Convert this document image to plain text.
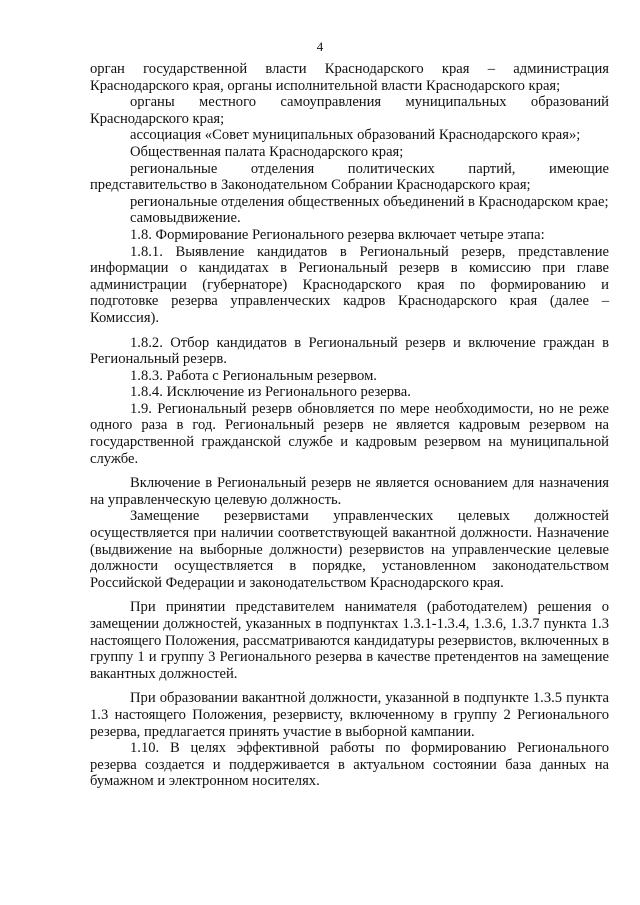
4

орган государственной власти Краснодарского края – администрация Краснодарского края, органы исполнительной власти Краснодарского края;

органы местного самоуправления муниципальных образований Краснодарского края;

ассоциация «Совет муниципальных образований Краснодарского края»;

Общественная палата Краснодарского края;

региональные отделения политических партий, имеющие представительство в Законодательном Собрании Краснодарского края;

региональные отделения общественных объединений в Краснодарском крае;

самовыдвижение.

1.8. Формирование Регионального резерва включает четыре этапа:

1.8.1. Выявление кандидатов в Региональный резерв, представление информации о кандидатах в Региональный резерв в комиссию при главе администрации (губернаторе) Краснодарского края по формированию и подготовке резерва управленческих кадров Краснодарского края (далее – Комиссия).

1.8.2. Отбор кандидатов в Региональный резерв и включение граждан в Региональный резерв.

1.8.3. Работа с Региональным резервом.

1.8.4. Исключение из Регионального резерва.

1.9. Региональный резерв обновляется по мере необходимости, но не реже одного раза в год. Региональный резерв не является кадровым резервом на государственной гражданской службе и кадровым резервом на муниципальной службе.

Включение в Региональный резерв не является основанием для назначения на управленческую целевую должность.

Замещение резервистами управленческих целевых должностей осуществляется при наличии соответствующей вакантной должности. Назначение (выдвижение на выборные должности) резервистов на управленческие целевые должности осуществляется в порядке, установленном законодательством Российской Федерации и законодательством Краснодарского края.

При принятии представителем нанимателя (работодателем) решения о замещении должностей, указанных в подпунктах 1.3.1-1.3.4, 1.3.6, 1.3.7 пункта 1.3 настоящего Положения, рассматриваются кандидатуры резервистов, включенных в группу 1 и группу 3 Регионального резерва в качестве претендентов на замещение вакантных должностей.

При образовании вакантной должности, указанной в подпункте 1.3.5 пункта 1.3 настоящего Положения, резервисту, включенному в группу 2 Регионального резерва, предлагается принять участие в выборной кампании.

1.10. В целях эффективной работы по формированию Регионального резерва создается и поддерживается в актуальном состоянии база данных на бумажном и электронном носителях.
